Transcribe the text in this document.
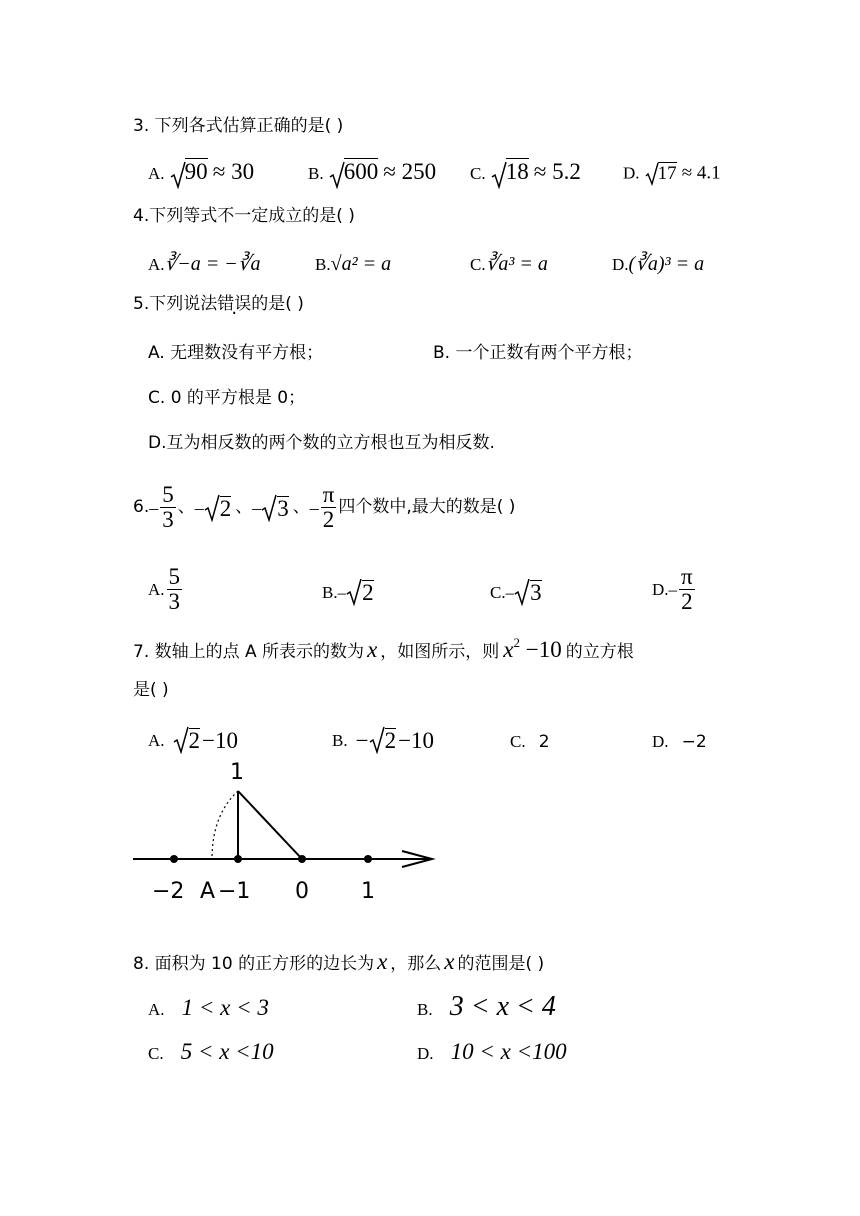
3. 下列各式估算正确的是( )
A. 90 ≈ 30	B. 600 ≈ 250 C. 18 ≈ 5.2 D. 17 ≈ 4.1
4.下列等式不一定成立的是( )
A.∛−a = −∛a	B.√a² = a	C.∛a³ = a	D.(∛a)³ = a
5.下列说法错误的是( )
A. 无理数没有平方根；	B. 一个正数有两个平方根；
C. 0 的平方根是 0；
D.互为相反数的两个数的立方根也互为相反数.
6. – $\frac{5}{3}$ 、 – 2 、 – 3 、 – $\frac{\pi}{2}$ 四个数中,最大的数是( )
A. $\frac{5}{3}$	B.– 2	C.– 3	$D.- \frac{\pi}{2}$
7. 数轴上的点 A 所表示的数为 x ，如图所示，则 $x^2 -10$ 的立方根
是( )
A. 2 −10	B. − 2 −10	C. 2	D. −2
1
−2 A −1 0 1
8. 面积为 10 的正方形的边长为 x ，那么 x 的范围是( )
A. 1 < x < 3	B. 3 < x < 4
C. 5 < x <10	D. 10 < x <100
